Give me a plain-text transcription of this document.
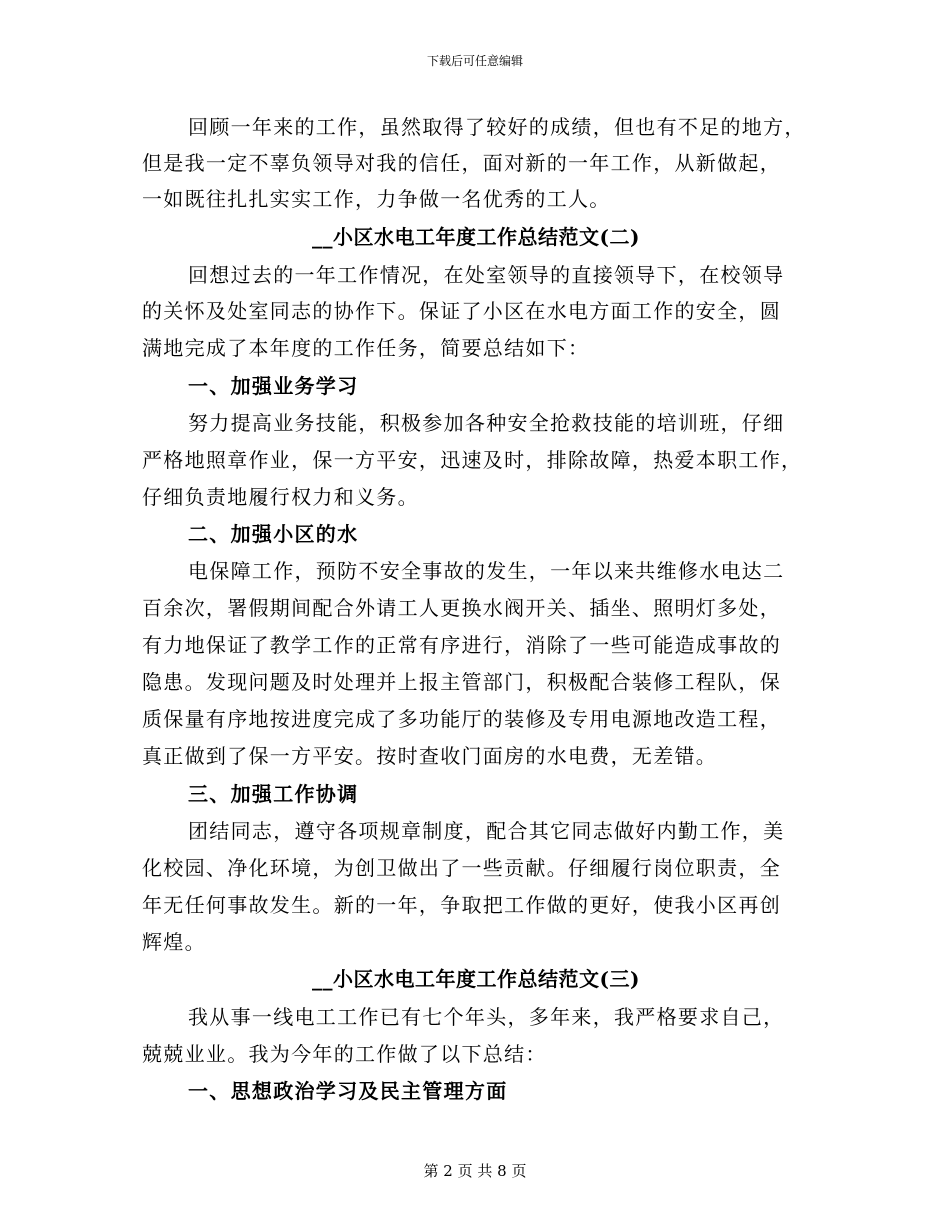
下载后可任意编辑
回顾一年来的工作，虽然取得了较好的成绩，但也有不足的地方，
但是我一定不辜负领导对我的信任，面对新的一年工作，从新做起，
一如既往扎扎实实工作，力争做一名优秀的工人。
__小区水电工年度工作总结范文(二)
回想过去的一年工作情况，在处室领导的直接领导下，在校领导
的关怀及处室同志的协作下。保证了小区在水电方面工作的安全，圆
满地完成了本年度的工作任务，简要总结如下：
一、加强业务学习
努力提高业务技能，积极参加各种安全抢救技能的培训班，仔细
严格地照章作业，保一方平安，迅速及时，排除故障，热爱本职工作，
仔细负责地履行权力和义务。
二、加强小区的水
电保障工作，预防不安全事故的发生，一年以来共维修水电达二
百余次，署假期间配合外请工人更换水阀开关、插坐、照明灯多处，
有力地保证了教学工作的正常有序进行，消除了一些可能造成事故的
隐患。发现问题及时处理并上报主管部门，积极配合装修工程队，保
质保量有序地按进度完成了多功能厅的装修及专用电源地改造工程，
真正做到了保一方平安。按时查收门面房的水电费，无差错。
三、加强工作协调
团结同志，遵守各项规章制度，配合其它同志做好内勤工作，美
化校园、净化环境，为创卫做出了一些贡献。仔细履行岗位职责，全
年无任何事故发生。新的一年，争取把工作做的更好，使我小区再创
辉煌。
__小区水电工年度工作总结范文(三)
我从事一线电工工作已有七个年头，多年来，我严格要求自己，
兢兢业业。我为今年的工作做了以下总结：
一、思想政治学习及民主管理方面
第 2 页 共 8 页
